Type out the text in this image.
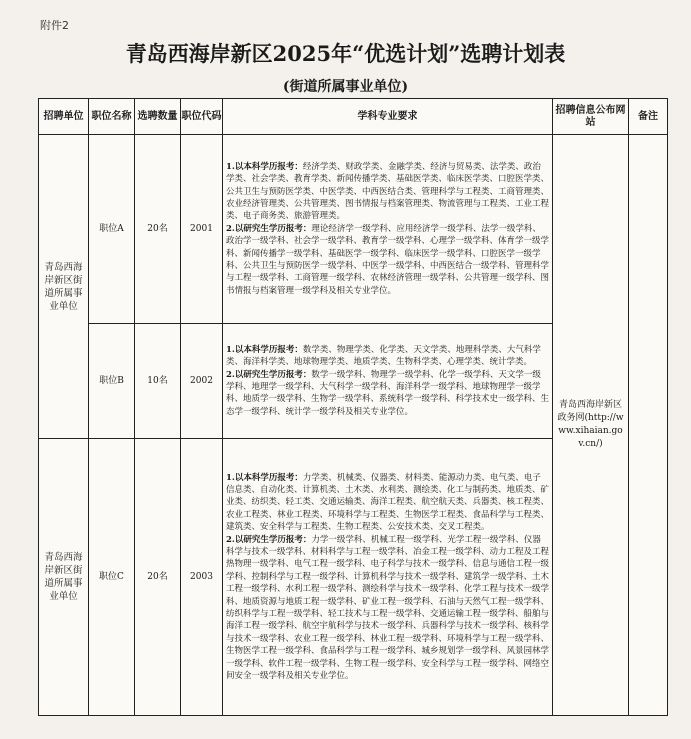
附件2
青岛西海岸新区2025年“优选计划”选聘计划表
(街道所属事业单位)
招聘单位	职位名称	选聘数量	职位代码	学科专业要求	招聘信息公布网站	备注
青岛西海岸新区街道所属事业单位	职位A	20名	2001	1.以本科学历报考：经济学类、财政学类、金融学类、经济与贸易类、法学类、政治学类、社会学类、教育学类、新闻传播学类、基础医学类、临床医学类、口腔医学类、公共卫生与预防医学类、中医学类、中西医结合类、管理科学与工程类、工商管理类、农业经济管理类、公共管理类、图书情报与档案管理类、物流管理与工程类、工业工程类、电子商务类、旅游管理类。
2.以研究生学历报考：理论经济学一级学科、应用经济学一级学科、法学一级学科、政治学一级学科、社会学一级学科、教育学一级学科、心理学一级学科、体育学一级学科、新闻传播学一级学科、基础医学一级学科、临床医学一级学科、口腔医学一级学科、公共卫生与预防医学一级学科、中医学一级学科、中西医结合一级学科、管理科学与工程一级学科、工商管理一级学科、农林经济管理一级学科、公共管理一级学科、图书情报与档案管理一级学科及相关专业学位。	青岛西海岸新区政务网(http://www.xihaian.gov.cn/)	
	职位B	10名	2002	1.以本科学历报考：数学类、物理学类、化学类、天文学类、地理科学类、大气科学类、海洋科学类、地球物理学类、地质学类、生物科学类、心理学类、统计学类。
2.以研究生学历报考：数学一级学科、物理学一级学科、化学一级学科、天文学一级学科、地理学一级学科、大气科学一级学科、海洋科学一级学科、地球物理学一级学科、地质学一级学科、生物学一级学科、系统科学一级学科、科学技术史一级学科、生态学一级学科、统计学一级学科及相关专业学位。		
青岛西海岸新区街道所属事业单位	职位C	20名	2003	1.以本科学历报考：力学类、机械类、仪器类、材料类、能源动力类、电气类、电子信息类、自动化类、计算机类、土木类、水利类、测绘类、化工与制药类、地质类、矿业类、纺织类、轻工类、交通运输类、海洋工程类、航空航天类、兵器类、核工程类、农业工程类、林业工程类、环境科学与工程类、生物医学工程类、食品科学与工程类、建筑类、安全科学与工程类、生物工程类、公安技术类、交叉工程类。
2.以研究生学历报考：力学一级学科、机械工程一级学科、光学工程一级学科、仪器科学与技术一级学科、材料科学与工程一级学科、冶金工程一级学科、动力工程及工程热物理一级学科、电气工程一级学科、电子科学与技术一级学科、信息与通信工程一级学科、控制科学与工程一级学科、计算机科学与技术一级学科、建筑学一级学科、土木工程一级学科、水利工程一级学科、测绘科学与技术一级学科、化学工程与技术一级学科、地质资源与地质工程一级学科、矿业工程一级学科、石油与天然气工程一级学科、纺织科学与工程一级学科、轻工技术与工程一级学科、交通运输工程一级学科、船舶与海洋工程一级学科、航空宇航科学与技术一级学科、兵器科学与技术一级学科、核科学与技术一级学科、农业工程一级学科、林业工程一级学科、环境科学与工程一级学科、生物医学工程一级学科、食品科学与工程一级学科、城乡规划学一级学科、风景园林学一级学科、软件工程一级学科、生物工程一级学科、安全科学与工程一级学科、网络空间安全一级学科及相关专业学位。		
